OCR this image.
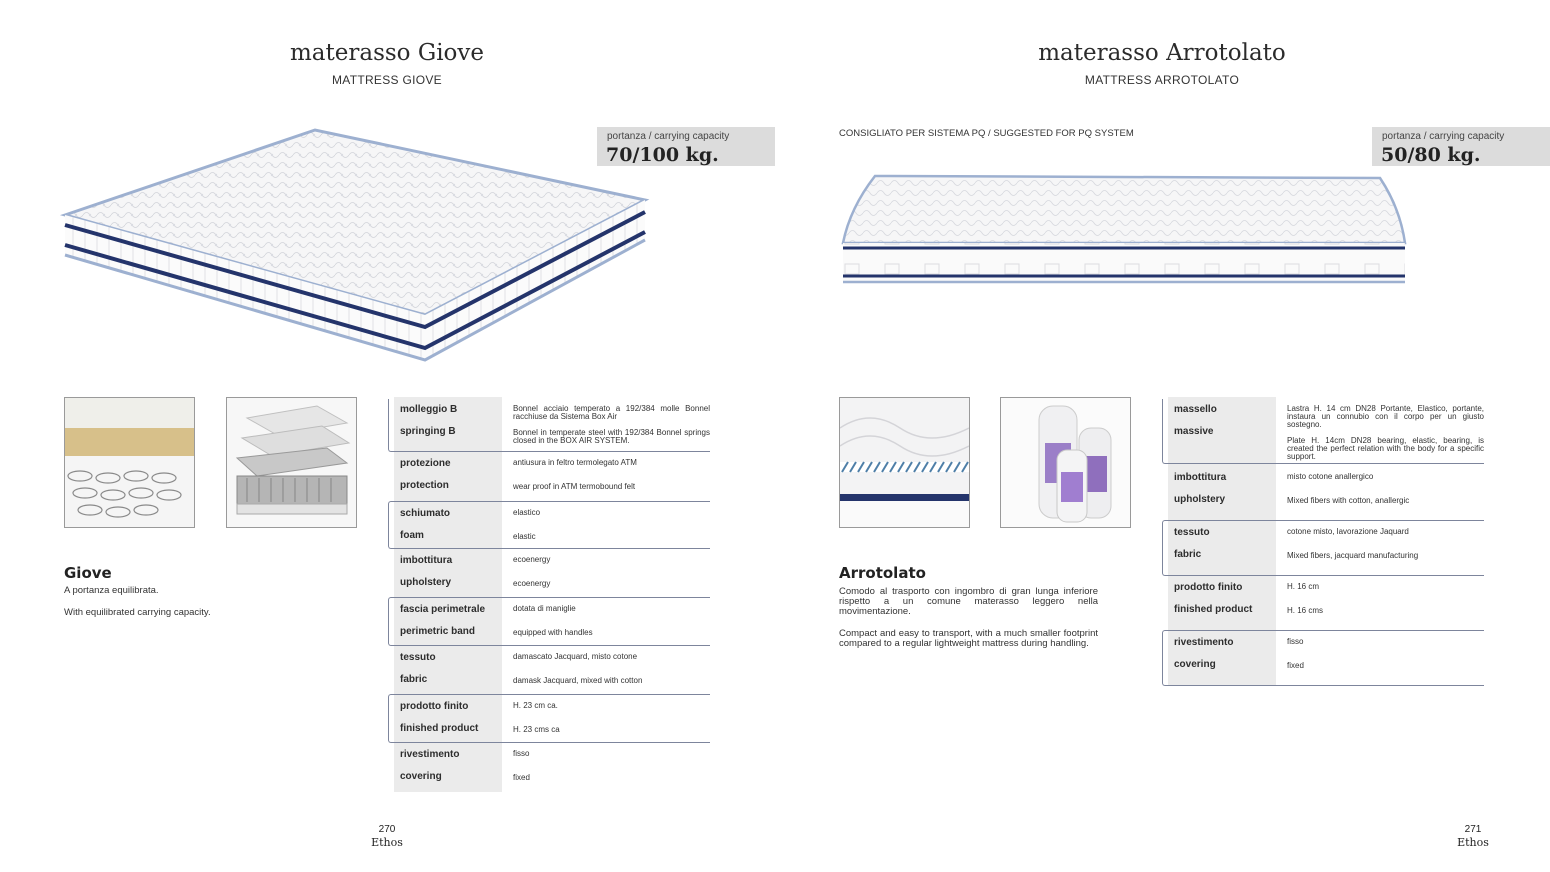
materasso Giove
MATTRESS GIOVE
portanza / carrying capacity
70/100 kg.
Giove

A portanza equilibrata.

With equilibrated carrying capacity.

molleggio B
springing B
Bonnel acciaio temperato a 192/384 molle Bonnel racchiuse da Sistema Box Air
Bonnel in temperate steel with 192/384 Bonnel springs closed in the BOX AIR SYSTEM.
protezione
protection
antiusura in feltro termolegato ATM
wear proof in ATM termobound felt
schiumato
foam
elastico
elastic
imbottitura
upholstery
ecoenergy
ecoenergy
fascia perimetrale
perimetric band
dotata di maniglie
equipped with handles
tessuto
fabric
damascato Jacquard, misto cotone
damask Jacquard, mixed with cotton
prodotto finito
finished product
H. 23 cm ca.
H. 23 cms ca
rivestimento
covering
fisso
fixed
270
Ethos
materasso Arrotolato
MATTRESS ARROTOLATO
CONSIGLIATO PER SISTEMA PQ / SUGGESTED FOR PQ SYSTEM	portanza / carrying capacity
50/80 kg.
Arrotolato

Comodo al trasporto con ingombro di gran lunga inferiore rispetto a un comune materasso leggero nella movimentazione.

Compact and easy to transport, with a much smaller footprint compared to a regular lightweight mattress during handling.

massello
massive
Lastra H. 14 cm DN28 Portante, Elastico, portante, instaura un connubio con il corpo per un giusto sostegno.
Plate H. 14cm DN28 bearing, elastic, bearing, is created the perfect relation with the body for a specific support.
imbottitura
upholstery
misto cotone anallergico
Mixed fibers with cotton, anallergic
tessuto
fabric
cotone misto, lavorazione Jaquard
Mixed fibers, jacquard manufacturing
prodotto finito
finished product
H. 16 cm
H. 16 cms
rivestimento
covering
fisso
fixed
271
Ethos
